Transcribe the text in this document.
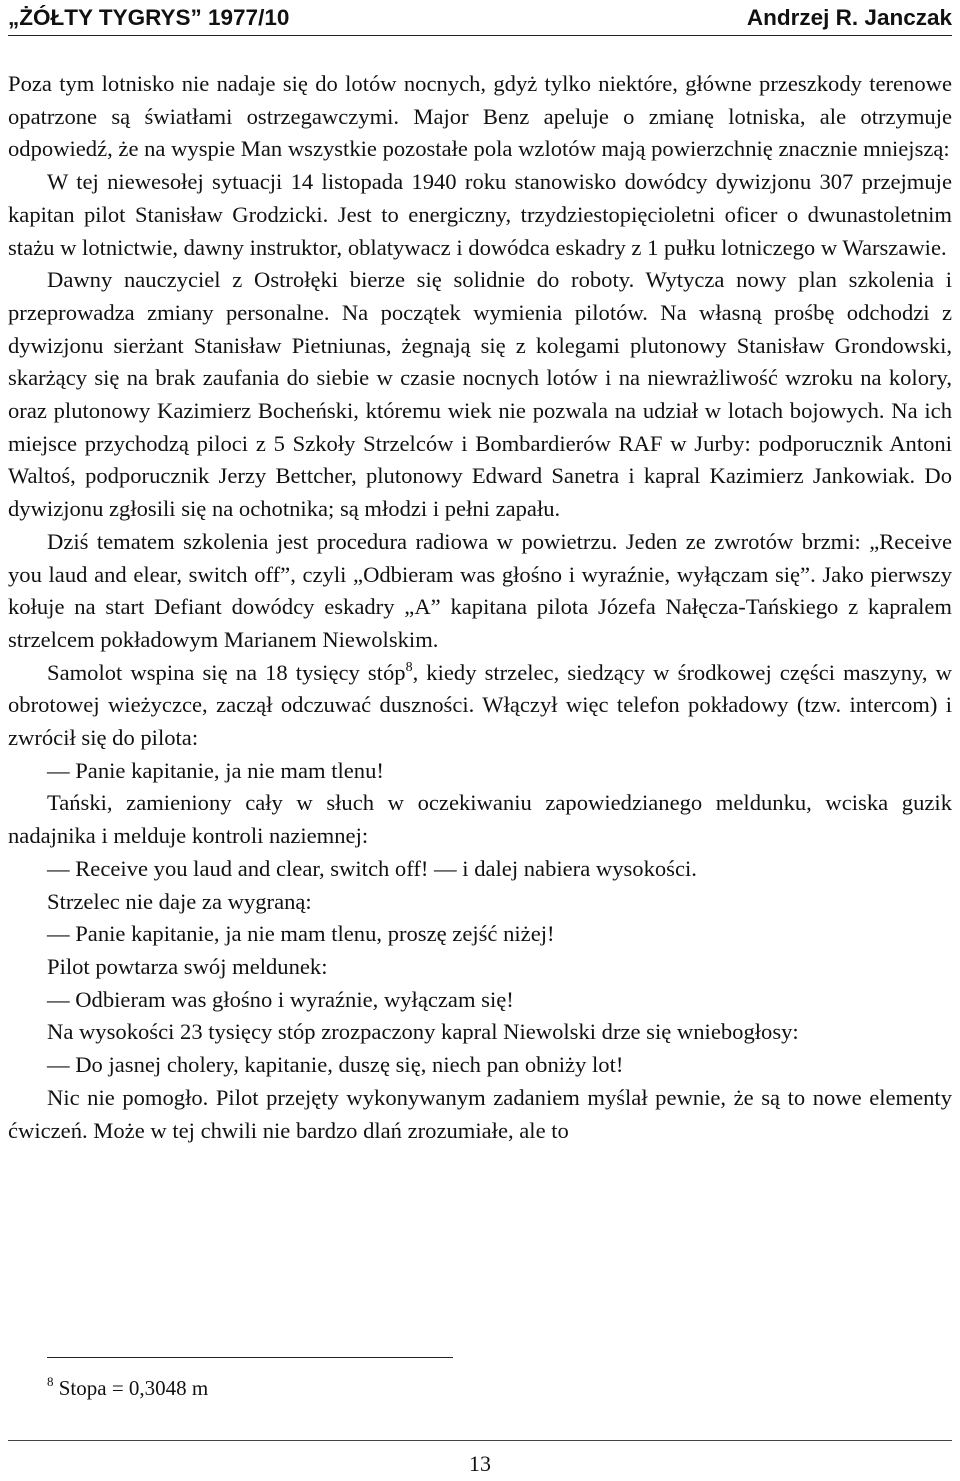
„ŻÓŁTY TYGRYS” 1977/10	Andrzej R. Janczak

Poza tym lotnisko nie nadaje się do lotów nocnych, gdyż tylko niektóre, główne przeszkody terenowe opatrzone są światłami ostrzegawczymi. Major Benz apeluje o zmianę lotniska, ale otrzymuje odpowiedź, że na wyspie Man wszystkie pozostałe pola wzlotów mają powierzchnię znacznie mniejszą:

W tej niewesołej sytuacji 14 listopada 1940 roku stanowisko dowódcy dywizjonu 307 przejmuje kapitan pilot Stanisław Grodzicki. Jest to energiczny, trzydziestopięcioletni oficer o dwunastoletnim stażu w lotnictwie, dawny instruktor, oblatywacz i dowódca eskadry z 1 pułku lotniczego w Warszawie.

Dawny nauczyciel z Ostrołęki bierze się solidnie do roboty. Wytycza nowy plan szkolenia i przeprowadza zmiany personalne. Na początek wymienia pilotów. Na własną prośbę odchodzi z dywizjonu sierżant Stanisław Pietniunas, żegnają się z kolegami plutonowy Stanisław Grondowski, skarżący się na brak zaufania do siebie w czasie nocnych lotów i na niewrażliwość wzroku na kolory, oraz plutonowy Kazimierz Bocheński, któremu wiek nie pozwala na udział w lotach bojowych. Na ich miejsce przychodzą piloci z 5 Szkoły Strzelców i Bombardierów RAF w Jurby: podporucznik Antoni Waltoś, podporucznik Jerzy Bettcher, plutonowy Edward Sanetra i kapral Kazimierz Jankowiak. Do dywizjonu zgłosili się na ochotnika; są młodzi i pełni zapału.

Dziś tematem szkolenia jest procedura radiowa w powietrzu. Jeden ze zwrotów brzmi: „Receive you laud and elear, switch off”, czyli „Odbieram was głośno i wyraźnie, wyłączam się”. Jako pierwszy kołuje na start Defiant dowódcy eskadry „A” kapitana pilota Józefa Nałęcza-Tańskiego z kapralem strzelcem pokładowym Marianem Niewolskim.

Samolot wspina się na 18 tysięcy stóp$^8$, kiedy strzelec, siedzący w środkowej części maszyny, w obrotowej wieżyczce, zaczął odczuwać duszności. Włączył więc telefon pokładowy (tzw. intercom) i zwrócił się do pilota:

— Panie kapitanie, ja nie mam tlenu!

Tański, zamieniony cały w słuch w oczekiwaniu zapowiedzianego meldunku, wciska guzik nadajnika i melduje kontroli naziemnej:

— Receive you laud and clear, switch off! — i dalej nabiera wysokości.

Strzelec nie daje za wygraną:

— Panie kapitanie, ja nie mam tlenu, proszę zejść niżej!

Pilot powtarza swój meldunek:

— Odbieram was głośno i wyraźnie, wyłączam się!

Na wysokości 23 tysięcy stóp zrozpaczony kapral Niewolski drze się wniebogłosy:

— Do jasnej cholery, kapitanie, duszę się, niech pan obniży lot!

Nic nie pomogło. Pilot przejęty wykonywanym zadaniem myślał pewnie, że są to nowe elementy ćwiczeń. Może w tej chwili nie bardzo dlań zrozumiałe, ale to

$^8$ Stopa = 0,3048 m
13
